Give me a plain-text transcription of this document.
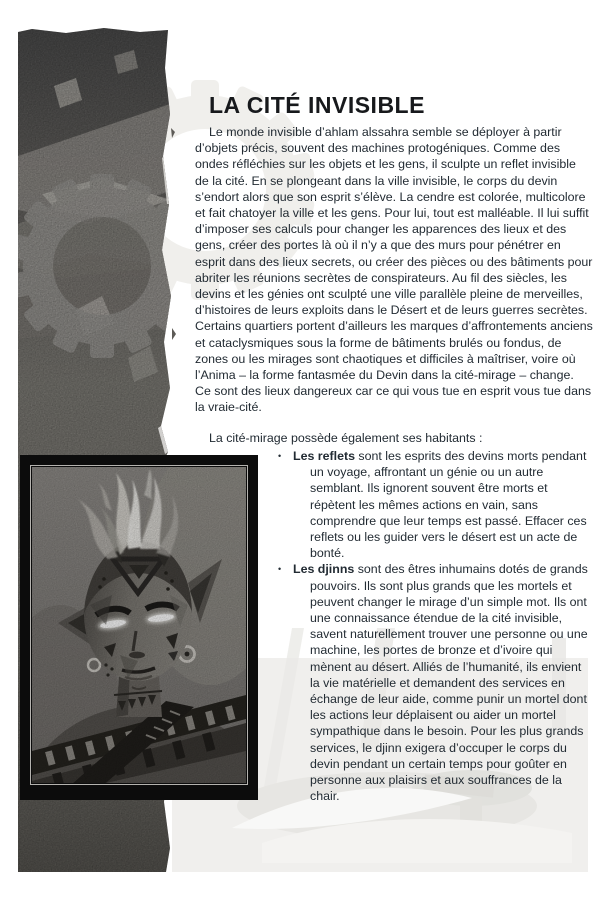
LA CITÉ INVISIBLE

Le monde invisible d’ahlam alssahra semble se déployer à partir d’objets précis, souvent des machines protogéniques. Comme des ondes réfléchies sur les objets et les gens, il sculpte un reflet invisible de la cité. En se plongeant dans la ville invisible, le corps du devin s’endort alors que son esprit s’élève. La cendre est colorée, multicolore et fait chatoyer la ville et les gens. Pour lui, tout est malléable. Il lui suffit d’imposer ses calculs pour changer les apparences des lieux et des gens, créer des portes là où il n’y a que des murs pour pénétrer en esprit dans des lieux secrets, ou créer des pièces ou des bâtiments pour abriter les réunions secrètes de conspirateurs. Au fil des siècles, les devins et les génies ont sculpté une ville parallèle pleine de merveilles, d’histoires de leurs exploits dans le Désert et de leurs guerres secrètes. Certains quartiers portent d’ailleurs les marques d’affrontements anciens et cataclysmiques sous la forme de bâtiments brulés ou fondus, de zones ou les mirages sont chaotiques et difficiles à maîtriser, voire où l’Anima – la forme fantasmée du Devin dans la cité-mirage – change. Ce sont des lieux dangereux car ce qui vous tue en esprit vous tue dans la vraie-cité.

La cité-mirage possède également ses habitants :

• Les reflets sont les esprits des devins morts pendant un voyage, affrontant un génie ou un autre semblant. Ils ignorent souvent être morts et répètent les mêmes actions en vain, sans comprendre que leur temps est passé. Effacer ces reflets ou les guider vers le désert est un acte de bonté.
• Les djinns sont des êtres inhumains dotés de grands pouvoirs. Ils sont plus grands que les mortels et peuvent changer le mirage d’un simple mot. Ils ont une connaissance étendue de la cité invisible, savent naturellement trouver une personne ou une machine, les portes de bronze et d’ivoire qui mènent au désert. Alliés de l’humanité, ils envient la vie matérielle et demandent des services en échange de leur aide, comme punir un mortel dont les actions leur déplaisent ou aider un mortel sympathique dans le besoin. Pour les plus grands services, le djinn exigera d’occuper le corps du devin pendant un certain temps pour goûter en personne aux plaisirs et aux souffrances de la chair.
